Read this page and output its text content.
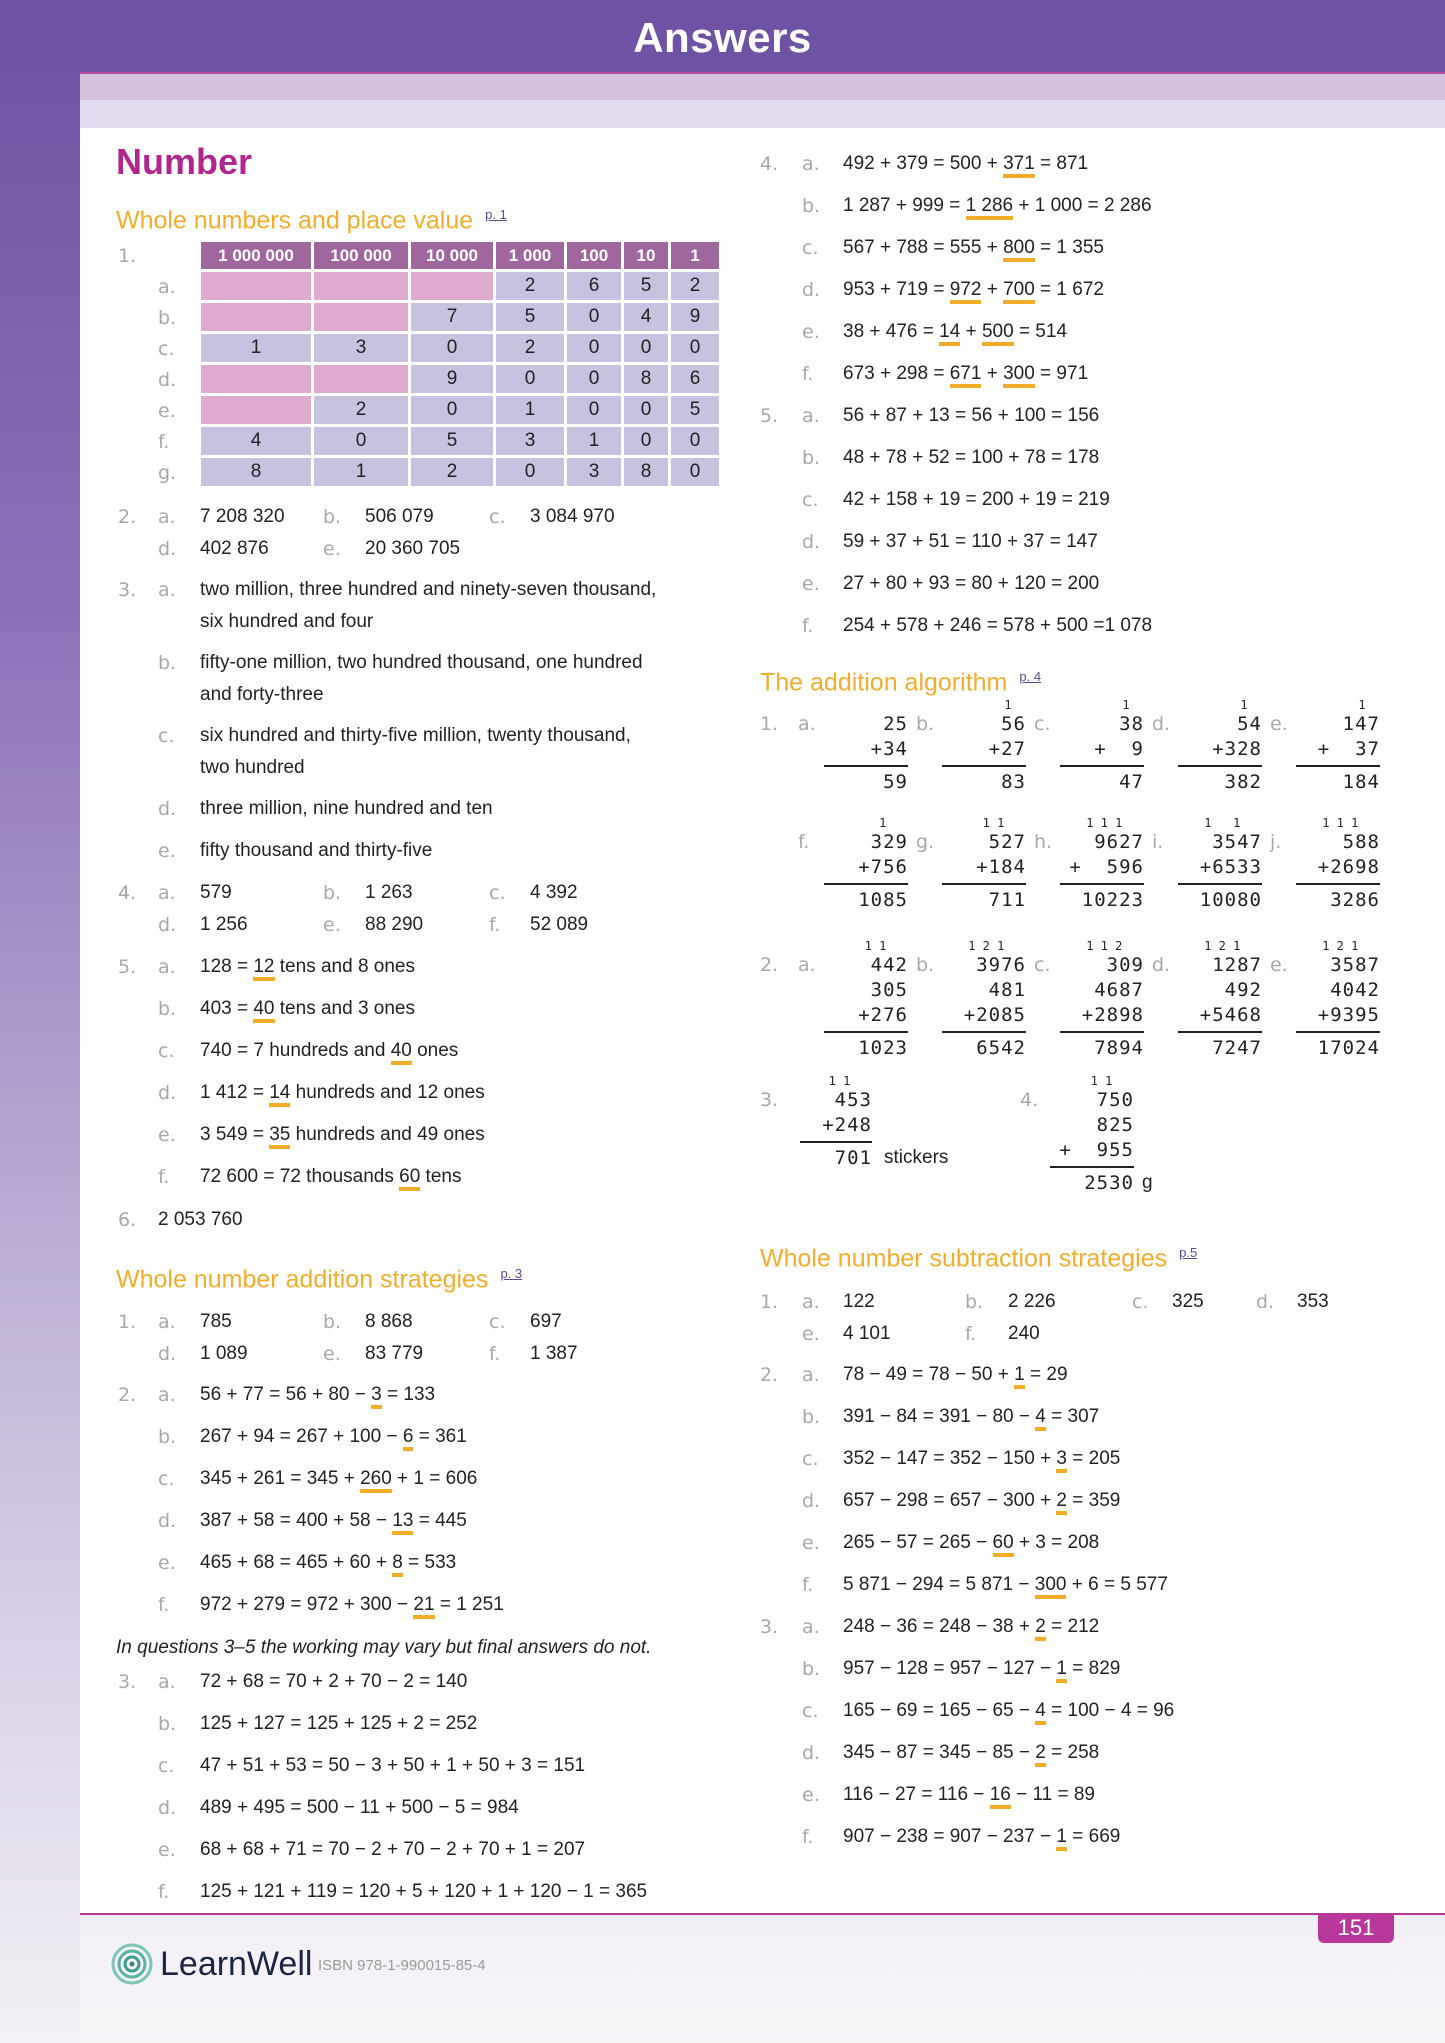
Answers
Number
Whole numbers and place value $^{p. 1}$
1.
a.
b.
c.
d.
e.
f.
g.
1 000 000	100 000	10 000	1 000	100	10	1
			2	6	5	2
		7	5	0	4	9
1	3	0	2	0	0	0
		9	0	0	8	6
	2	0	1	0	0	5
4	0	5	3	1	0	0
8	1	2	0	3	8	0
2. a. 7 208 320 b. 506 079	c. 3 084 970
d. 402 876	e. 20 360 705
3. a. two million, three hundred and ninety-seven thousand,
six hundred and four
b. fifty-one million, two hundred thousand, one hundred
and forty-three
c. six hundred and thirty-five million, twenty thousand,
two hundred
d. three million, nine hundred and ten
e. fifty thousand and thirty-five
4. a. 579	b. 1 263	c. 4 392
d. 1 256	e. 88 290	f. 52 089
5. a. 128 = 12 tens and 8 ones
b. 403 = 40 tens and 3 ones
c. 740 = 7 hundreds and 40 ones
d. 1 412 = 14 hundreds and 12 ones
e. 3 549 = 35 hundreds and 49 ones
f. 72 600 = 72 thousands 60 tens
6. 2 053 760
Whole number addition strategies $^{p. 3}$
1. a. 785	b. 8 868	c. 697
d. 1 089	e. 83 779	f. 1 387
2. a. 56 + 77 = 56 + 80 − 3 = 133
b. 267 + 94 = 267 + 100 − 6 = 361
c. 345 + 261 = 345 + 260 + 1 = 606
d. 387 + 58 = 400 + 58 − 13 = 445
e. 465 + 68 = 465 + 60 + 8 = 533
f. 972 + 279 = 972 + 300 − 21 = 1 251
In questions 3–5 the working may vary but final answers do not.
3. a. 72 + 68 = 70 + 2 + 70 − 2 = 140
b. 125 + 127 = 125 + 125 + 2 = 252
c. 47 + 51 + 53 = 50 − 3 + 50 + 1 + 50 + 3 = 151
d. 489 + 495 = 500 − 11 + 500 − 5 = 984
e. 68 + 68 + 71 = 70 − 2 + 70 − 2 + 70 + 1 = 207
f. 125 + 121 + 119 = 120 + 5 + 120 + 1 + 120 − 1 = 365
4. a. 492 + 379 = 500 + 371 = 871
b. 1 287 + 999 = 1 286 + 1 000 = 2 286
c. 567 + 788 = 555 + 800 = 1 355
d. 953 + 719 = 972 + 700 = 1 672
e. 38 + 476 = 14 + 500 = 514
f. 673 + 298 = 671 + 300 = 971
5. a. 56 + 87 + 13 = 56 + 100 = 156
b. 48 + 78 + 52 = 100 + 78 = 178
c. 42 + 158 + 19 = 200 + 19 = 219
d. 59 + 37 + 51 = 110 + 37 = 147
e. 27 + 80 + 93 = 80 + 120 = 200
f. 254 + 578 + 246 = 578 + 500 =1 078
The addition algorithm $^{p. 4}$
1. a.	25
+34
59
b.
1
56
+27
83
c.
1
38
+  9
47
d.
1
54
+328
382
e.
1
147
+  37
184
f.
1
329
+756
1085
g.
1 1
527
+184
711
h.
1 1 1
9627
+  596
10223
i.
1   1
3547
+6533
10080
j.
1 1 1
588
+2698
3286
2. a.
1 1
442
305
+276
1023
b.
1 2 1
3976
481
+2085
6542
c.
1 1 2
309
4687
+2898
7894
d.
1 2 1
1287
492
+5468
7247
e.
1 2 1
3587
4042
+9395
17024
3.
1 1
453
+248
701 stickers
4.
1 1
750
825
+  955
2530 g
Whole number subtraction strategies $^{p.5}$
1. a. 122	b. 2 226	c. 325	d. 353
e. 4 101	f. 240
2. a. 78 − 49 = 78 − 50 + 1 = 29
b. 391 − 84 = 391 − 80 − 4 = 307
c. 352 − 147 = 352 − 150 + 3 = 205
d. 657 − 298 = 657 − 300 + 2 = 359
e. 265 − 57 = 265 − 60 + 3 = 208
f. 5 871 − 294 = 5 871 − 300 + 6 = 5 577
3. a. 248 − 36 = 248 − 38 + 2 = 212
b. 957 − 128 = 957 − 127 − 1 = 829
c. 165 − 69 = 165 − 65 − 4 = 100 − 4 = 96
d. 345 − 87 = 345 − 85 − 2 = 258
e. 116 − 27 = 116 − 16 − 11 = 89
f. 907 − 238 = 907 − 237 − 1 = 669
151
LearnWell ISBN 978-1-990015-85-4
